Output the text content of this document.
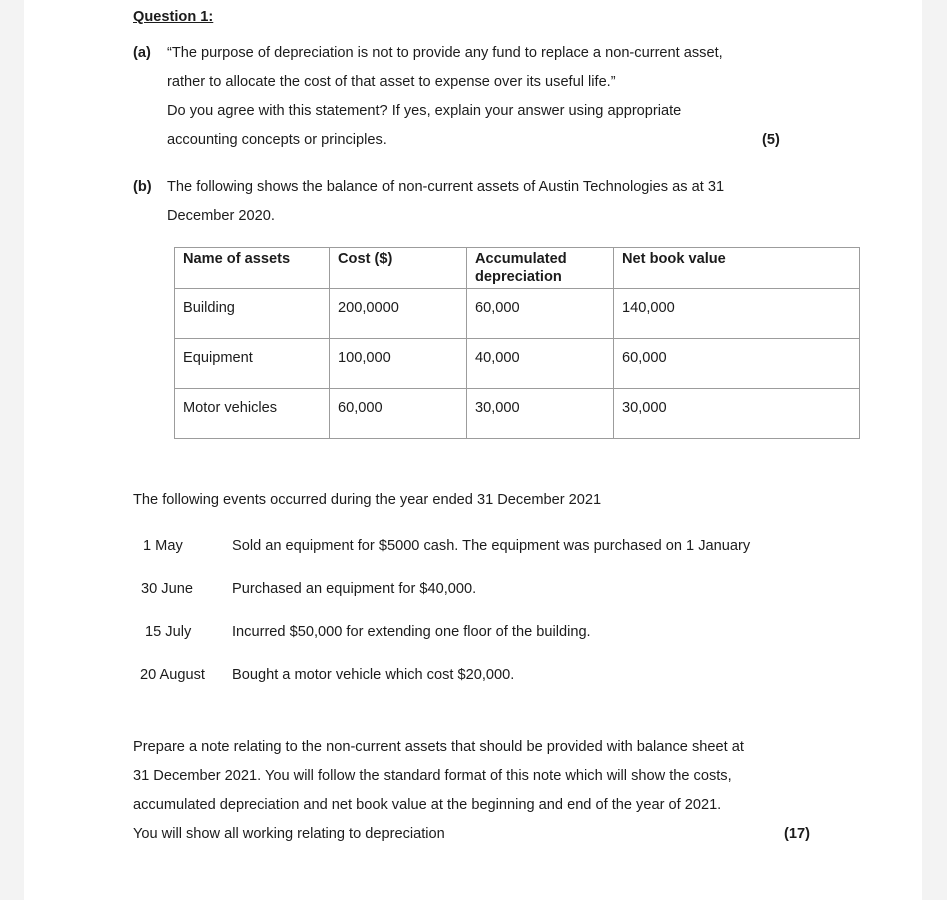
Question 1:
(a) “The purpose of depreciation is not to provide any fund to replace a non-current asset,
rather to allocate the cost of that asset to expense over its useful life.”
Do you agree with this statement? If yes, explain your answer using appropriate
accounting concepts or principles.	(5)
(b) The following shows the balance of non-current assets of Austin Technologies as at 31
December 2020.
Name of assets	Cost ($)	Accumulated depreciation	Net book value
Building	200,0000	60,000	140,000
Equipment	100,000	40,000	60,000
Motor vehicles	60,000	30,000	30,000
The following events occurred during the year ended 31 December 2021
1 May	Sold an equipment for $5000 cash. The equipment was purchased on 1 January
30 June	Purchased an equipment for $40,000.
15 July	Incurred $50,000 for extending one floor of the building.
20 August Bought a motor vehicle which cost $20,000.
Prepare a note relating to the non-current assets that should be provided with balance sheet at
31 December 2021. You will follow the standard format of this note which will show the costs,
accumulated depreciation and net book value at the beginning and end of the year of 2021.
You will show all working relating to depreciation	(17)
